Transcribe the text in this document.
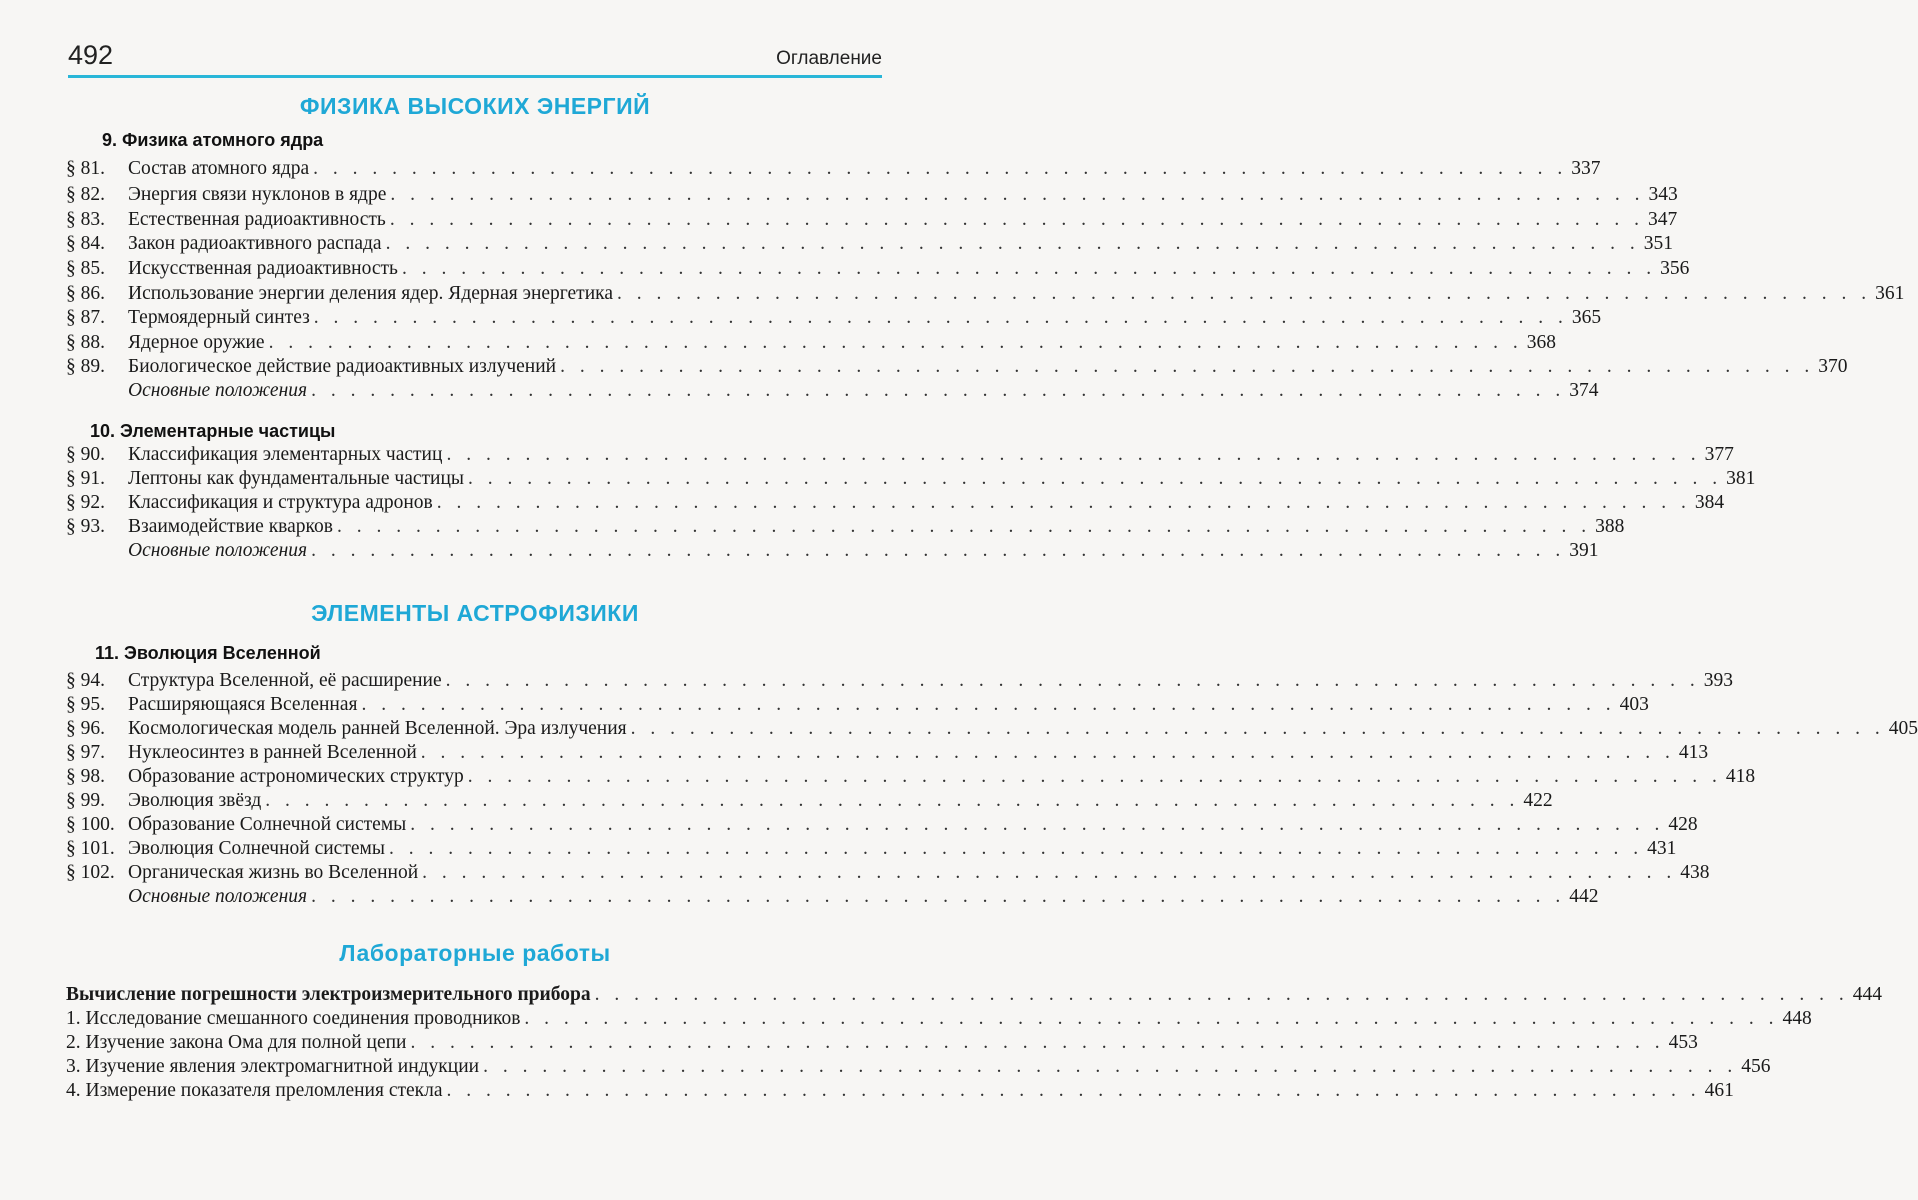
492	Оглавление
ФИЗИКА ВЫСОКИХ ЭНЕРГИЙ
9. Физика атомного ядра
§ 81.	Состав атомного ядра . . . . . . . . . . . . . . . . . . . . . . . . . . . . . . . . . . . . . . . . . . . . . . . . . . . . . . . . . . . . . . . . 337
§ 82.	Энергия связи нуклонов в ядре . . . . . . . . . . . . . . . . . . . . . . . . . . . . . . . . . . . . . . . . . . . . . . . . . . . . . . . . . . . . . . . . 343
§ 83.	Естественная радиоактивность . . . . . . . . . . . . . . . . . . . . . . . . . . . . . . . . . . . . . . . . . . . . . . . . . . . . . . . . . . . . . . . . 347
§ 84.	Закон радиоактивного распада . . . . . . . . . . . . . . . . . . . . . . . . . . . . . . . . . . . . . . . . . . . . . . . . . . . . . . . . . . . . . . . . 351
§ 85.	Искусственная радиоактивность . . . . . . . . . . . . . . . . . . . . . . . . . . . . . . . . . . . . . . . . . . . . . . . . . . . . . . . . . . . . . . . . 356
§ 86.	Использование энергии деления ядер. Ядерная энергетика . . . . . . . . . . . . . . . . . . . . . . . . . . . . . . . . . . . . . . . . . . . . . . . . . . . . . . . . . . . . . . . . 361
§ 87.	Термоядерный синтез . . . . . . . . . . . . . . . . . . . . . . . . . . . . . . . . . . . . . . . . . . . . . . . . . . . . . . . . . . . . . . . . 365
§ 88.	Ядерное оружие . . . . . . . . . . . . . . . . . . . . . . . . . . . . . . . . . . . . . . . . . . . . . . . . . . . . . . . . . . . . . . . . 368
§ 89.	Биологическое действие радиоактивных излучений . . . . . . . . . . . . . . . . . . . . . . . . . . . . . . . . . . . . . . . . . . . . . . . . . . . . . . . . . . . . . . . . 370
Основные положения . . . . . . . . . . . . . . . . . . . . . . . . . . . . . . . . . . . . . . . . . . . . . . . . . . . . . . . . . . . . . . . . 374
10. Элементарные частицы
§ 90.	Классификация элементарных частиц . . . . . . . . . . . . . . . . . . . . . . . . . . . . . . . . . . . . . . . . . . . . . . . . . . . . . . . . . . . . . . . . 377
§ 91.	Лептоны как фундаментальные частицы . . . . . . . . . . . . . . . . . . . . . . . . . . . . . . . . . . . . . . . . . . . . . . . . . . . . . . . . . . . . . . . . 381
§ 92.	Классификация и структура адронов . . . . . . . . . . . . . . . . . . . . . . . . . . . . . . . . . . . . . . . . . . . . . . . . . . . . . . . . . . . . . . . . 384
§ 93.	Взаимодействие кварков . . . . . . . . . . . . . . . . . . . . . . . . . . . . . . . . . . . . . . . . . . . . . . . . . . . . . . . . . . . . . . . . 388
Основные положения . . . . . . . . . . . . . . . . . . . . . . . . . . . . . . . . . . . . . . . . . . . . . . . . . . . . . . . . . . . . . . . . 391
ЭЛЕМЕНТЫ АСТРОФИЗИКИ
11. Эволюция Вселенной
§ 94.	Структура Вселенной, её расширение . . . . . . . . . . . . . . . . . . . . . . . . . . . . . . . . . . . . . . . . . . . . . . . . . . . . . . . . . . . . . . . . 393
§ 95.	Расширяющаяся Вселенная . . . . . . . . . . . . . . . . . . . . . . . . . . . . . . . . . . . . . . . . . . . . . . . . . . . . . . . . . . . . . . . . 403
§ 96.	Космологическая модель ранней Вселенной. Эра излучения . . . . . . . . . . . . . . . . . . . . . . . . . . . . . . . . . . . . . . . . . . . . . . . . . . . . . . . . . . . . . . . . 405
§ 97.	Нуклеосинтез в ранней Вселенной . . . . . . . . . . . . . . . . . . . . . . . . . . . . . . . . . . . . . . . . . . . . . . . . . . . . . . . . . . . . . . . . 413
§ 98.	Образование астрономических структур . . . . . . . . . . . . . . . . . . . . . . . . . . . . . . . . . . . . . . . . . . . . . . . . . . . . . . . . . . . . . . . . 418
§ 99.	Эволюция звёзд . . . . . . . . . . . . . . . . . . . . . . . . . . . . . . . . . . . . . . . . . . . . . . . . . . . . . . . . . . . . . . . . 422
§ 100. Образование Солнечной системы . . . . . . . . . . . . . . . . . . . . . . . . . . . . . . . . . . . . . . . . . . . . . . . . . . . . . . . . . . . . . . . . 428
§ 101. Эволюция Солнечной системы . . . . . . . . . . . . . . . . . . . . . . . . . . . . . . . . . . . . . . . . . . . . . . . . . . . . . . . . . . . . . . . . 431
§ 102. Органическая жизнь во Вселенной . . . . . . . . . . . . . . . . . . . . . . . . . . . . . . . . . . . . . . . . . . . . . . . . . . . . . . . . . . . . . . . . 438
Основные положения . . . . . . . . . . . . . . . . . . . . . . . . . . . . . . . . . . . . . . . . . . . . . . . . . . . . . . . . . . . . . . . . 442
Лабораторные работы
Вычисление погрешности электроизмерительного прибора . . . . . . . . . . . . . . . . . . . . . . . . . . . . . . . . . . . . . . . . . . . . . . . . . . . . . . . . . . . . . . . . 444
1. Исследование смешанного соединения проводников . . . . . . . . . . . . . . . . . . . . . . . . . . . . . . . . . . . . . . . . . . . . . . . . . . . . . . . . . . . . . . . . 448
2. Изучение закона Ома для полной цепи . . . . . . . . . . . . . . . . . . . . . . . . . . . . . . . . . . . . . . . . . . . . . . . . . . . . . . . . . . . . . . . . 453
3. Изучение явления электромагнитной индукции . . . . . . . . . . . . . . . . . . . . . . . . . . . . . . . . . . . . . . . . . . . . . . . . . . . . . . . . . . . . . . . . 456
4. Измерение показателя преломления стекла . . . . . . . . . . . . . . . . . . . . . . . . . . . . . . . . . . . . . . . . . . . . . . . . . . . . . . . . . . . . . . . . 461
